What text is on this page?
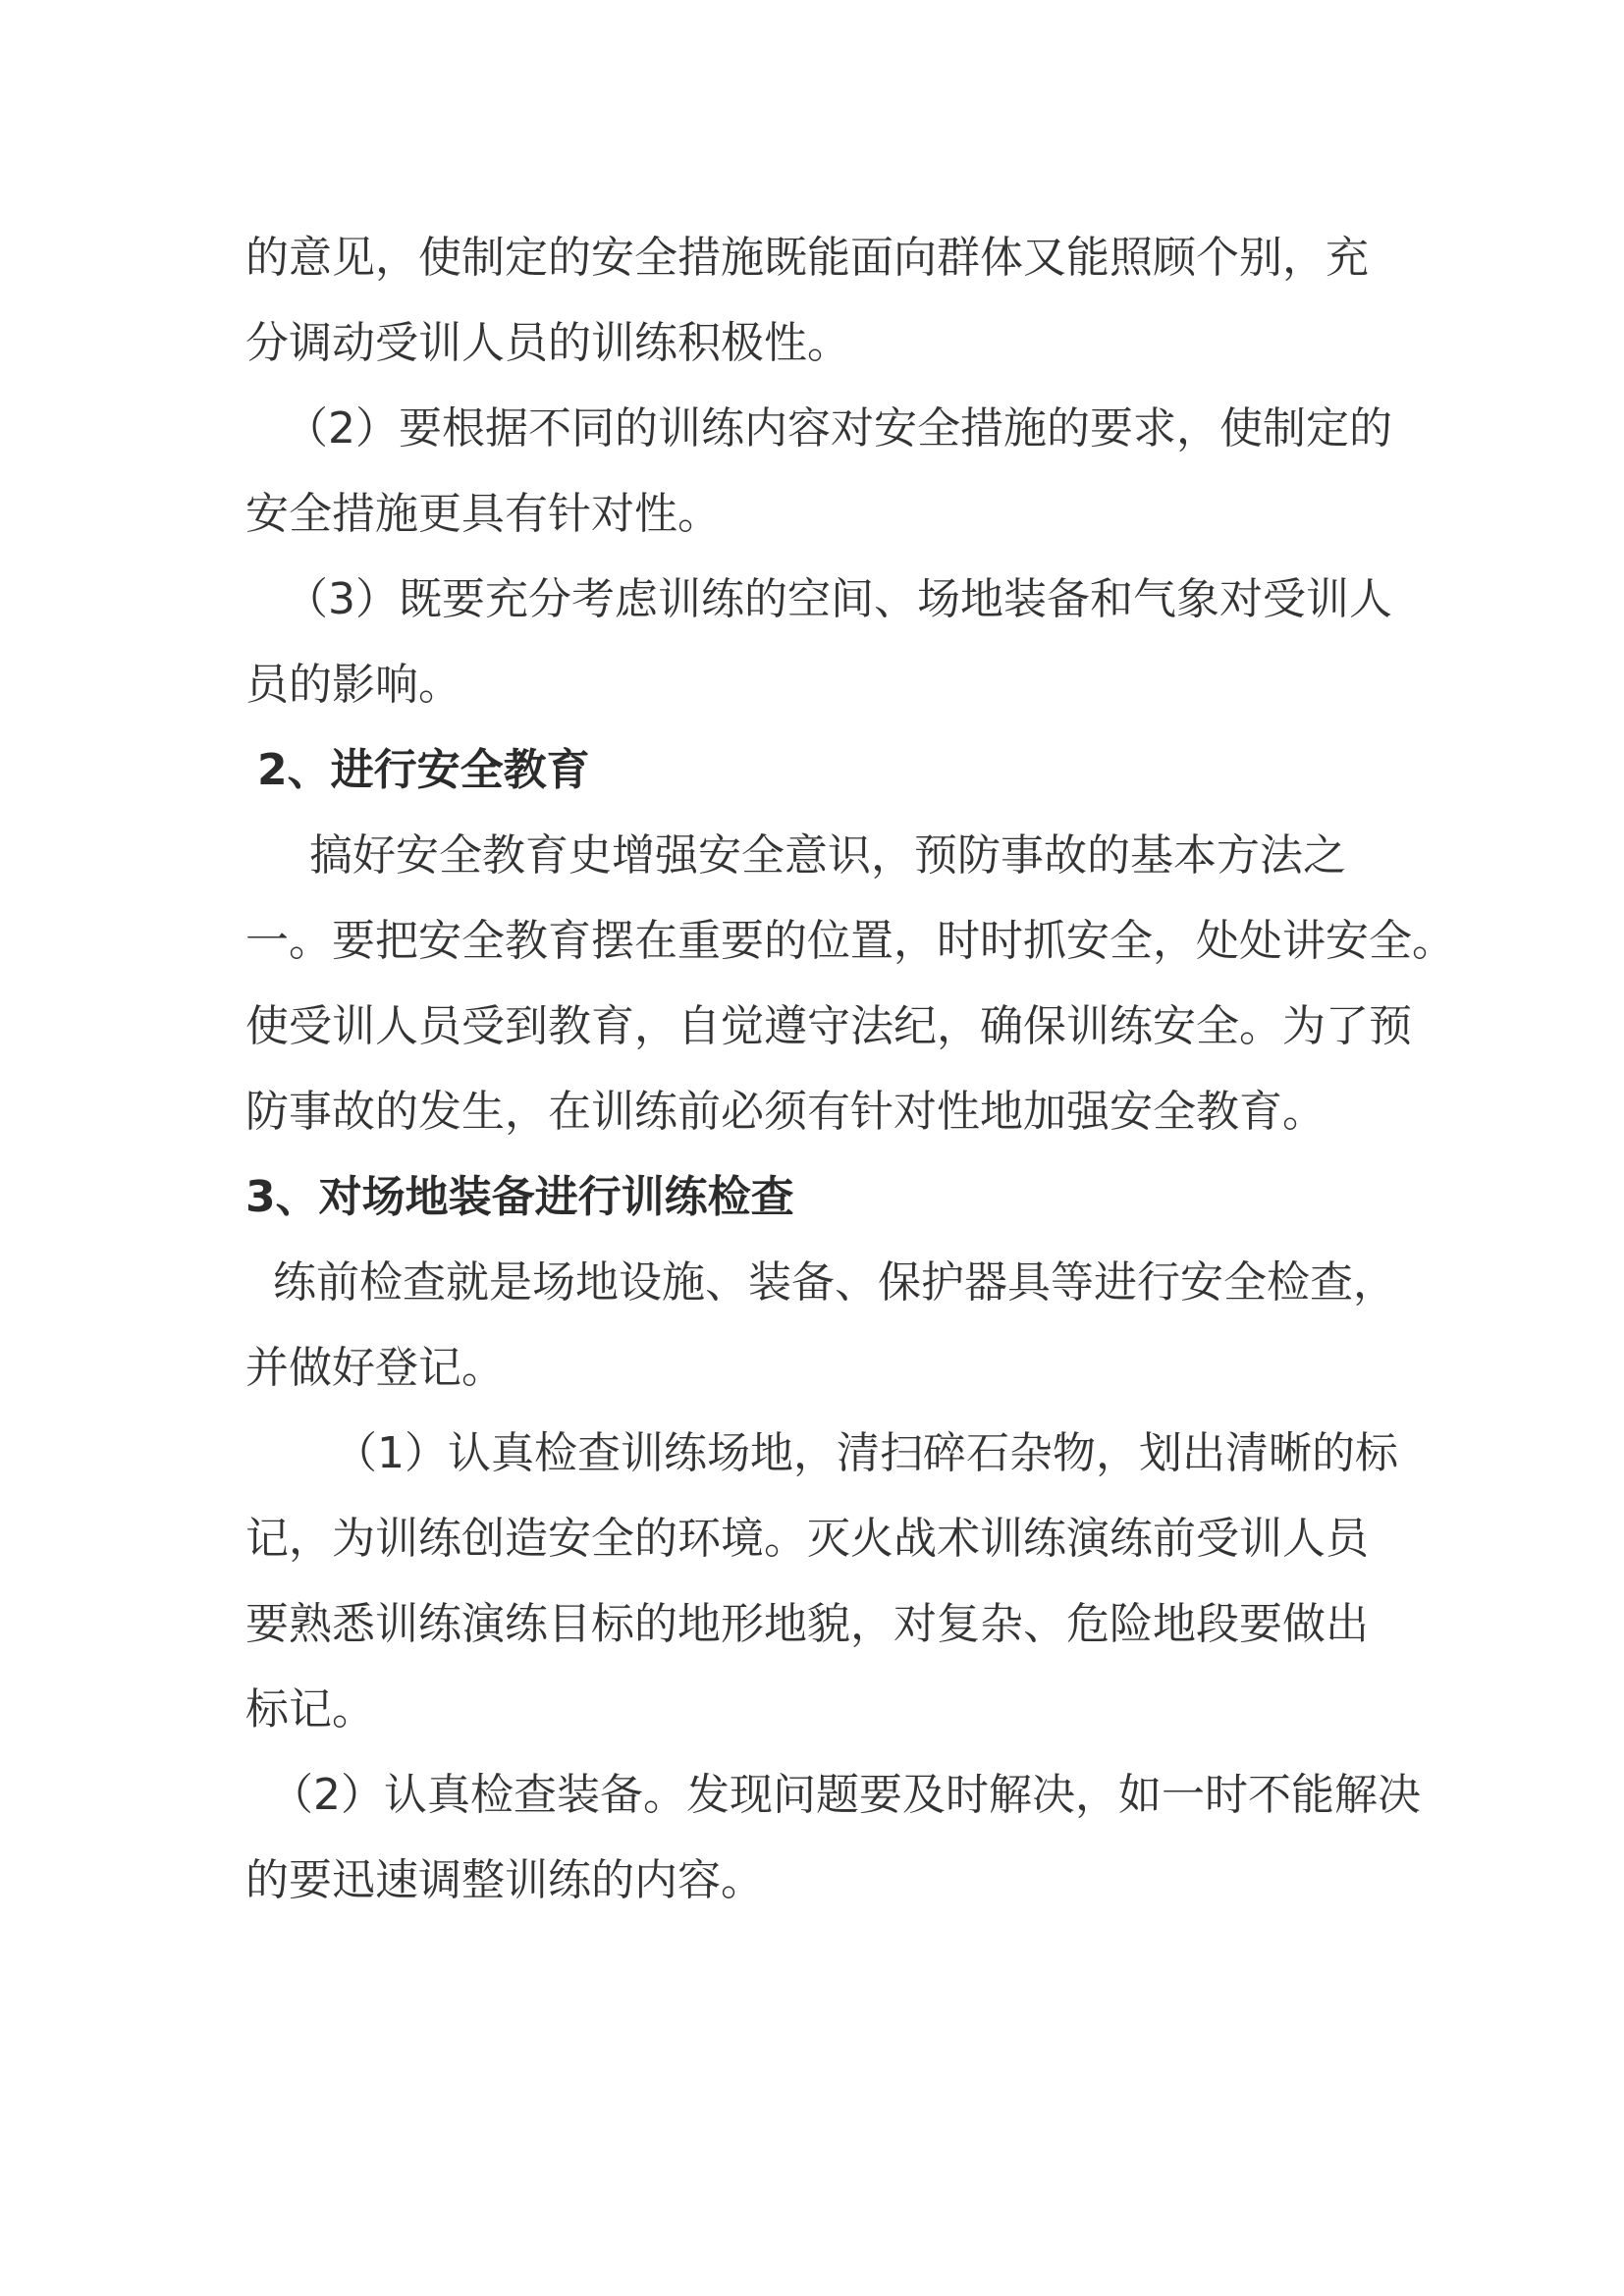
的意见，使制定的安全措施既能面向群体又能照顾个别，充
分调动受训人员的训练积极性。
（2）要根据不同的训练内容对安全措施的要求，使制定的
安全措施更具有针对性。
（3）既要充分考虑训练的空间、场地装备和气象对受训人
员的影响。
2、进行安全教育
搞好安全教育史增强安全意识，预防事故的基本方法之
一。要把安全教育摆在重要的位置，时时抓安全，处处讲安全。
使受训人员受到教育，自觉遵守法纪，确保训练安全。为了预
防事故的发生，在训练前必须有针对性地加强安全教育。
3、对场地装备进行训练检查
练前检查就是场地设施、装备、保护器具等进行安全检查，
并做好登记。
（1）认真检查训练场地，清扫碎石杂物，划出清晰的标
记，为训练创造安全的环境。灭火战术训练演练前受训人员
要熟悉训练演练目标的地形地貌，对复杂、危险地段要做出
标记。
（2）认真检查装备。发现问题要及时解决，如一时不能解决
的要迅速调整训练的内容。
